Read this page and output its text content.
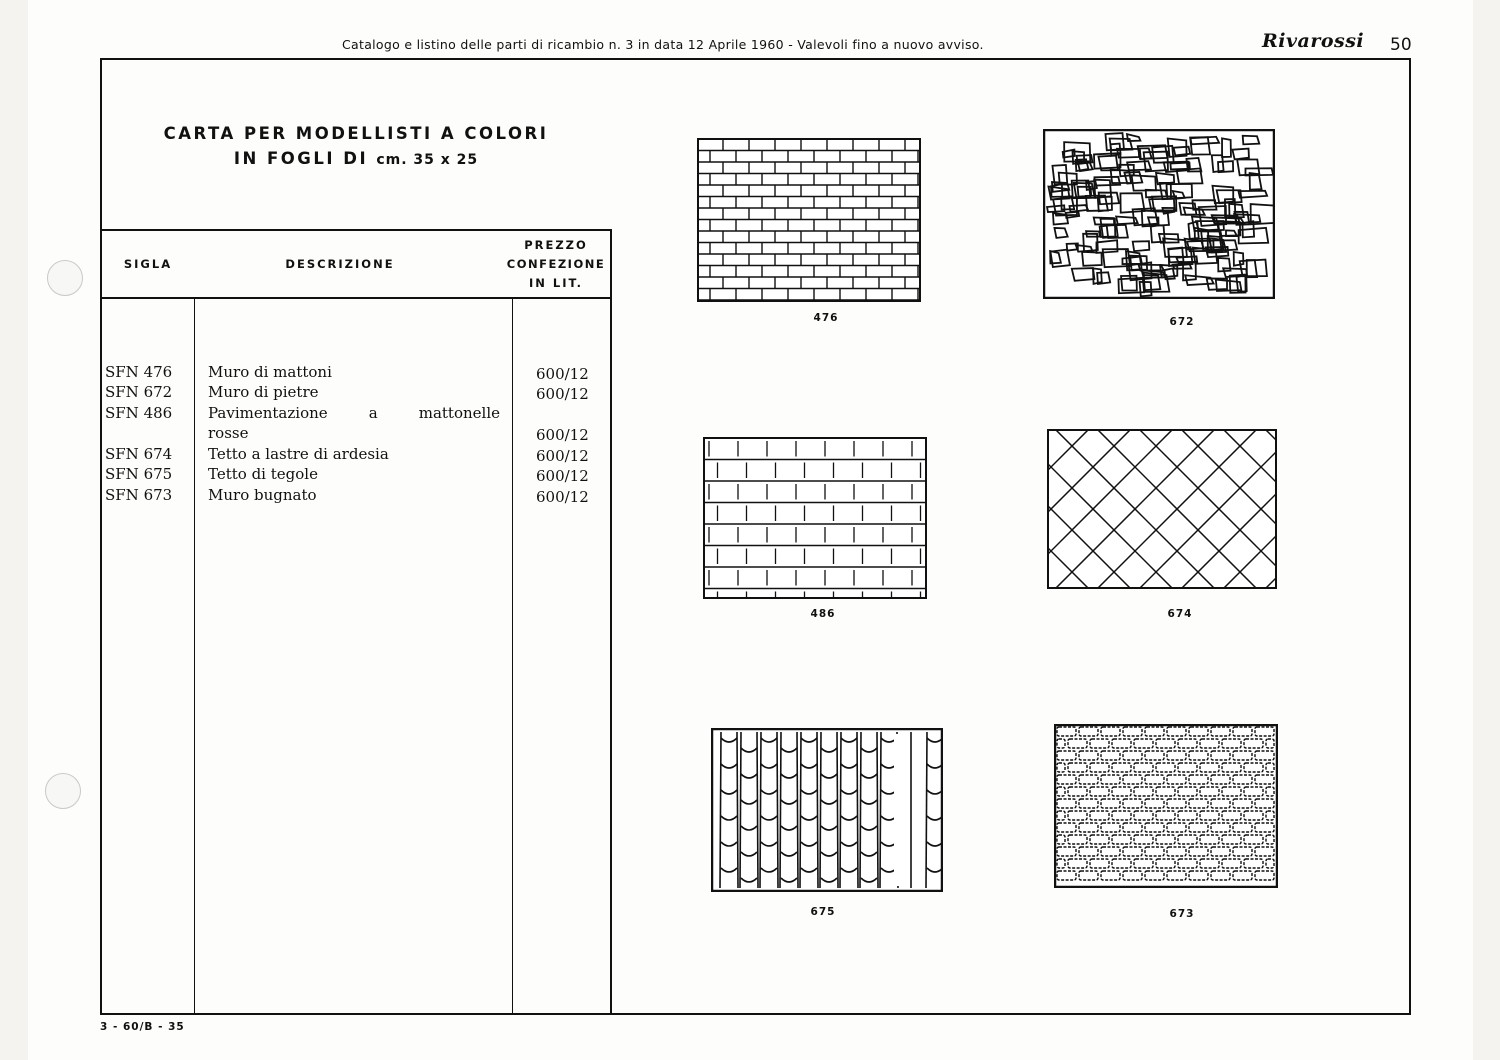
Catalogo e listino delle parti di ricambio n. 3 in data 12 Aprile 1960 - Valevoli fino a nuovo avviso.	Rivarossi 50
CARTA PER MODELLISTI A COLORI
IN FOGLI DI cm. 35 x 25
SIGLA	DESCRIZIONE
PREZZO
CONFEZIONE
IN LIT.
SFN 476 Muro di mattoni	600/12
SFN 672 Muro di pietre	600/12
SFN 486 Pavimentazione a mattonelle
rosse	600/12
SFN 674 Tetto a lastre di ardesia	600/12
SFN 675 Tetto di tegole	600/12
SFN 673 Muro bugnato	600/12
476	672
486	674
675	673
3 - 60/B - 35
